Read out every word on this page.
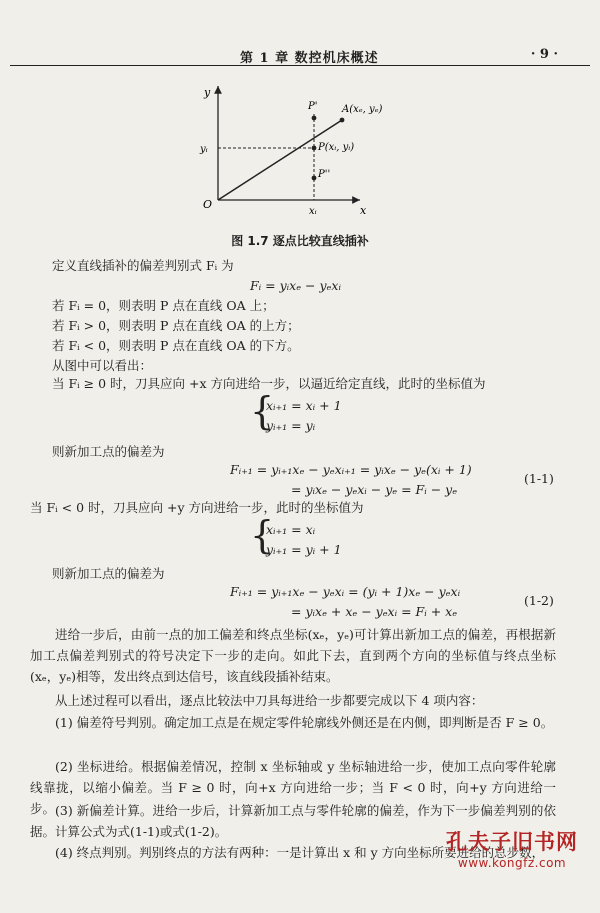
第 1 章 数控机床概述	· 9 ·
y
x
O
A(xₑ, yₑ)
P'
P(xᵢ, yᵢ)
P''
yᵢ
xᵢ
图 1.7 逐点比较直线插补
定义直线插补的偏差判别式 Fᵢ 为
Fᵢ = yᵢxₑ − yₑxᵢ
若 Fᵢ = 0，则表明 P 点在直线 OA 上；
若 Fᵢ > 0，则表明 P 点在直线 OA 的上方；
若 Fᵢ < 0，则表明 P 点在直线 OA 的下方。
从图中可以看出：
当 Fᵢ ≥ 0 时，刀具应向 +x 方向进给一步，以逼近给定直线，此时的坐标值为
{
xᵢ₊₁ = xᵢ + 1
yᵢ₊₁ = yᵢ
则新加工点的偏差为
Fᵢ₊₁ = yᵢ₊₁xₑ − yₑxᵢ₊₁ = yᵢxₑ − yₑ(xᵢ + 1)
= yᵢxₑ − yₑxᵢ − yₑ = Fᵢ − yₑ
(1-1)
当 Fᵢ < 0 时，刀具应向 +y 方向进给一步，此时的坐标值为
{
xᵢ₊₁ = xᵢ
yᵢ₊₁ = yᵢ + 1
则新加工点的偏差为
Fᵢ₊₁ = yᵢ₊₁xₑ − yₑxᵢ = (yᵢ + 1)xₑ − yₑxᵢ
= yᵢxₑ + xₑ − yₑxᵢ = Fᵢ + xₑ
(1-2)
进给一步后，由前一点的加工偏差和终点坐标(xₑ，yₑ)可计算出新加工点的偏差，再根据新加工点偏差判别式的符号决定下一步的走向。如此下去，直到两个方向的坐标值与终点坐标(xₑ，yₑ)相等，发出终点到达信号，该直线段插补结束。
从上述过程可以看出，逐点比较法中刀具每进给一步都要完成以下 4 项内容：
(1) 偏差符号判别。确定加工点是在规定零件轮廓线外侧还是在内侧，即判断是否 F ≥ 0。
(2) 坐标进给。根据偏差情况，控制 x 坐标轴或 y 坐标轴进给一步，使加工点向零件轮廓线靠拢，以缩小偏差。当 F ≥ 0 时，向+x 方向进给一步；当 F < 0 时，向+y 方向进给一步。 (3) 新偏差计算。进给一步后，计算新加工点与零件轮廓的偏差，作为下一步偏差判别的依据。计算公式为式(1-1)或式(1-2)。
(4) 终点判别。判别终点的方法有两种：一是计算出 x 和 y 方向坐标所要进给的总步数，
孔夫子旧书网
www.kongfz.com
